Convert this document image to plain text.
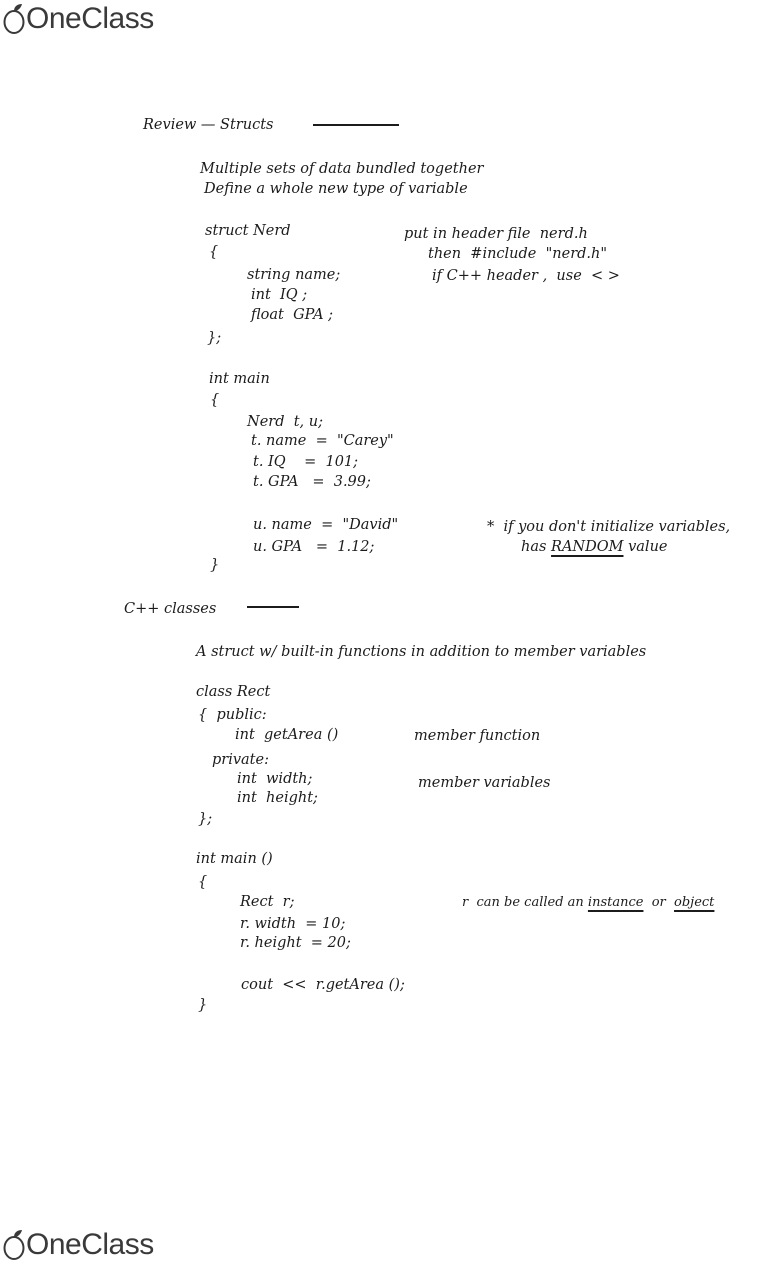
OneClass
Review — Structs
Multiple sets of data bundled together
Define a whole new type of variable
struct Nerd
{
string name;
int  IQ ;
float  GPA ;
};
put in header file  nerd.h
then  #include  "nerd.h"
if C++ header ,  use  < >
int main
{
Nerd  t, u;
t. name  =  "Carey"
t. IQ    =  101;
t. GPA   =  3.99;
u. name  =  "David"
u. GPA   =  1.12;
}
*  if you don't initialize variables,
has RANDOM value
C++ classes
A struct w/ built-in functions in addition to member variables
class Rect
{  public:
int  getArea ()
private:
int  width;
int  height;
};
member function
member variables
int main ()
{
Rect  r;
r. width  = 10;
r. height  = 20;
cout  <<  r.getArea ();
}
r  can be called an instance  or  object
OneClass
